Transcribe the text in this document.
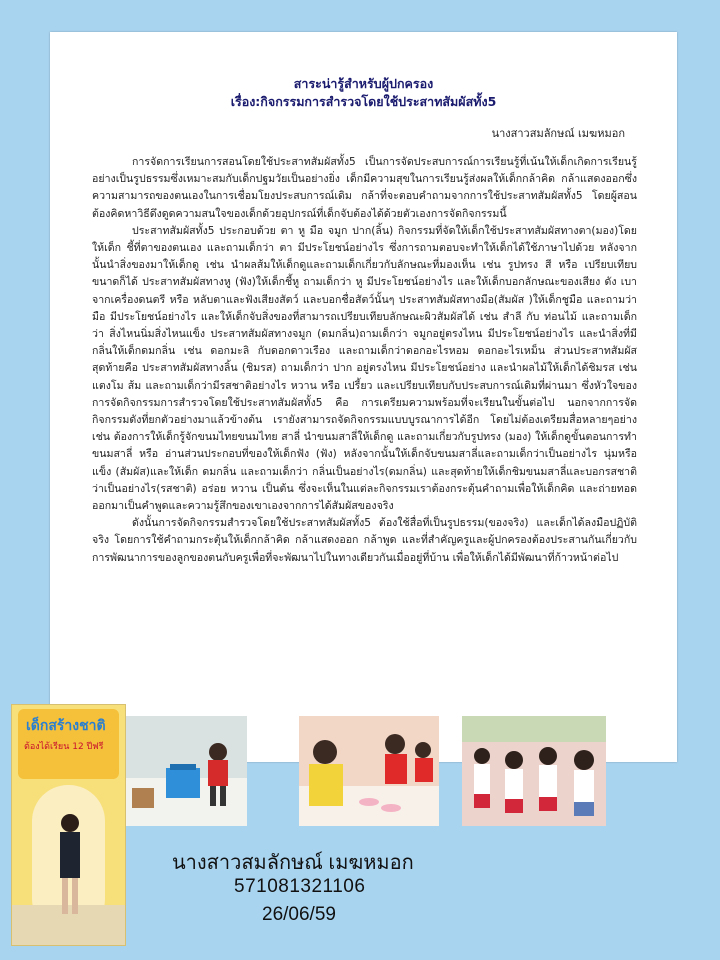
สาระน่ารู้สำหรับผู้ปกครอง
เรื่อง:กิจกรรมการสำรวจโดยใช้ประสาทสัมผัสทั้ง5
นางสาวสมลักษณ์ เมฆหมอก

การจัดการเรียนการสอนโดยใช้ประสาทสัมผัสทั้ง5 เป็นการจัดประสบการณ์การเรียนรู้ที่เน้นให้เด็กเกิดการเรียนรู้อย่างเป็นรูปธรรมซึ่งเหมาะสมกับเด็กปฐมวัยเป็นอย่างยิ่ง เด็กมีความสุขในการเรียนรู้ส่งผลให้เด็กกล้าคิด กล้าแสดงออกซึ่งความสามารถของตนเองในการเชื่อมโยงประสบการณ์เดิม กล้าที่จะตอบคำถามจากการใช้ประสาทสัมผัสทั้ง5 โดยผู้สอนต้องคิดหาวิธีดึงดูดความสนใจของเด็กด้วยอุปกรณ์ที่เด็กจับต้องได้ด้วยตัวเองการจัดกิจกรรมนี้

ประสาทสัมผัสทั้ง5 ประกอบด้วย ตา หู มือ จมูก ปาก(ลิ้น) กิจกรรมที่จัดให้เด็กใช้ประสาทสัมผัสทางตา(มอง)โดยให้เด็ก ชี้ที่ตาของตนเอง และถามเด็กว่า ตา มีประโยชน์อย่างไร ซึ่งการถามตอบจะทำให้เด็กได้ใช้ภาษาไปด้วย หลังจากนั้นนำสิ่งของมาให้เด็กดู เช่น นำผลส้มให้เด็กดูและถามเด็กเกี่ยวกับลักษณะที่มองเห็น เช่น รูปทรง สี หรือ เปรียบเทียบขนาดก็ได้ ประสาทสัมผัสทางหู (ฟัง)ให้เด็กชี้หู ถามเด็กว่า หู มีประโยชน์อย่างไร และให้เด็กบอกลักษณะของเสียง ดัง เบา จากเครื่องดนตรี หรือ หลับตาและฟังเสียงสัตว์ และบอกชื่อสัตว์นั้นๆ ประสาทสัมผัสทางมือ(สัมผัส )ให้เด็กชูมือ และถามว่า มือ มีประโยชน์อย่างไร และให้เด็กจับสิ่งของที่สามารถเปรียบเทียบลักษณะผิวสัมผัสได้ เช่น สำลี กับ ท่อนไม้ และถามเด็กว่า สิ่งไหนนิ่มสิ่งไหนแข็ง ประสาทสัมผัสทางจมูก (ดมกลิ่น)ถามเด็กว่า จมูกอยู่ตรงไหน มีประโยชน์อย่างไร และนำสิ่งที่มีกลิ่นให้เด็กดมกลิ่น เช่น ดอกมะลิ กับดอกดาวเรือง และถามเด็กว่าดอกอะไรหอม ดอกอะไรเหม็น ส่วนประสาทสัมผัสสุดท้ายคือ ประสาทสัมผัสทางลิ้น (ชิมรส) ถามเด็กว่า ปาก อยู่ตรงไหน มีประโยชน์อย่าง และนำผลไม้ให้เด็กได้ชิมรส เช่น แตงโม ส้ม และถามเด็กว่ามีรสชาติอย่างไร หวาน หรือ เปรี้ยว และเปรียบเทียบกับประสบการณ์เดิมที่ผ่านมา ซึ่งหัวใจของการจัดกิจกรรมการสำรวจโดยใช้ประสาทสัมผัสทั้ง5 คือ การเตรียมความพร้อมที่จะเรียนในขั้นต่อไป นอกจากการจัดกิจกรรมดังที่ยกตัวอย่างมาแล้วข้างต้น เรายังสามารถจัดกิจกรรมแบบบูรณาการได้อีก โดยไม่ต้องเตรียมสื่อหลายๆอย่าง เช่น ต้องการให้เด็กรู้จักขนมไทยขนมไทย สาลี่ นำขนมสาลี่ให้เด็กดู และถามเกี่ยวกับรูปทรง (มอง) ให้เด็กดูขั้นตอนการทำขนมสาลี่ หรือ อ่านส่วนประกอบที่ของให้เด็กฟัง (ฟัง) หลังจากนั้นให้เด็กจับขนมสาลี่และถามเด็กว่าเป็นอย่างไร นุ่มหรือแข็ง (สัมผัส)และให้เด็ก ดมกลิ่น และถามเด็กว่า กลิ่นเป็นอย่างไร(ดมกลิ่น) และสุดท้ายให้เด็กชิมขนมสาลี่และบอกรสชาติว่าเป็นอย่างไร(รสชาติ) อร่อย หวาน เป็นต้น ซึ่งจะเห็นในแต่ละกิจกรรมเราต้องกระตุ้นคำถามเพื่อให้เด็กคิด และถ่ายทอดออกมาเป็นคำพูดและความรู้สึกของเขาเองจากการได้สัมผัสของจริง

ดังนั้นการจัดกิจกรรมสำรวจโดยใช้ประสาทสัมผัสทั้ง5 ต้องใช้สื่อที่เป็นรูปธรรม(ของจริง) และเด็กได้ลงมือปฏิบัติจริง โดยการใช้คำถามกระตุ้นให้เด็กกล้าคิด กล้าแสดงออก กล้าพูด และที่สำคัญครูและผู้ปกครองต้องประสานกันเกี่ยวกับการพัฒนาการของลูกของตนกับครูเพื่อที่จะพัฒนาไปในทางเดียวกันเมื่ออยู่ที่บ้าน เพื่อให้เด็กได้มีพัฒนาที่ก้าวหน้าต่อไป

เด็กสร้างชาติ
ต้องได้เรียน 12 ปีฟรี
นางสาวสมลักษณ์ เมฆหมอก
571081321106
26/06/59
